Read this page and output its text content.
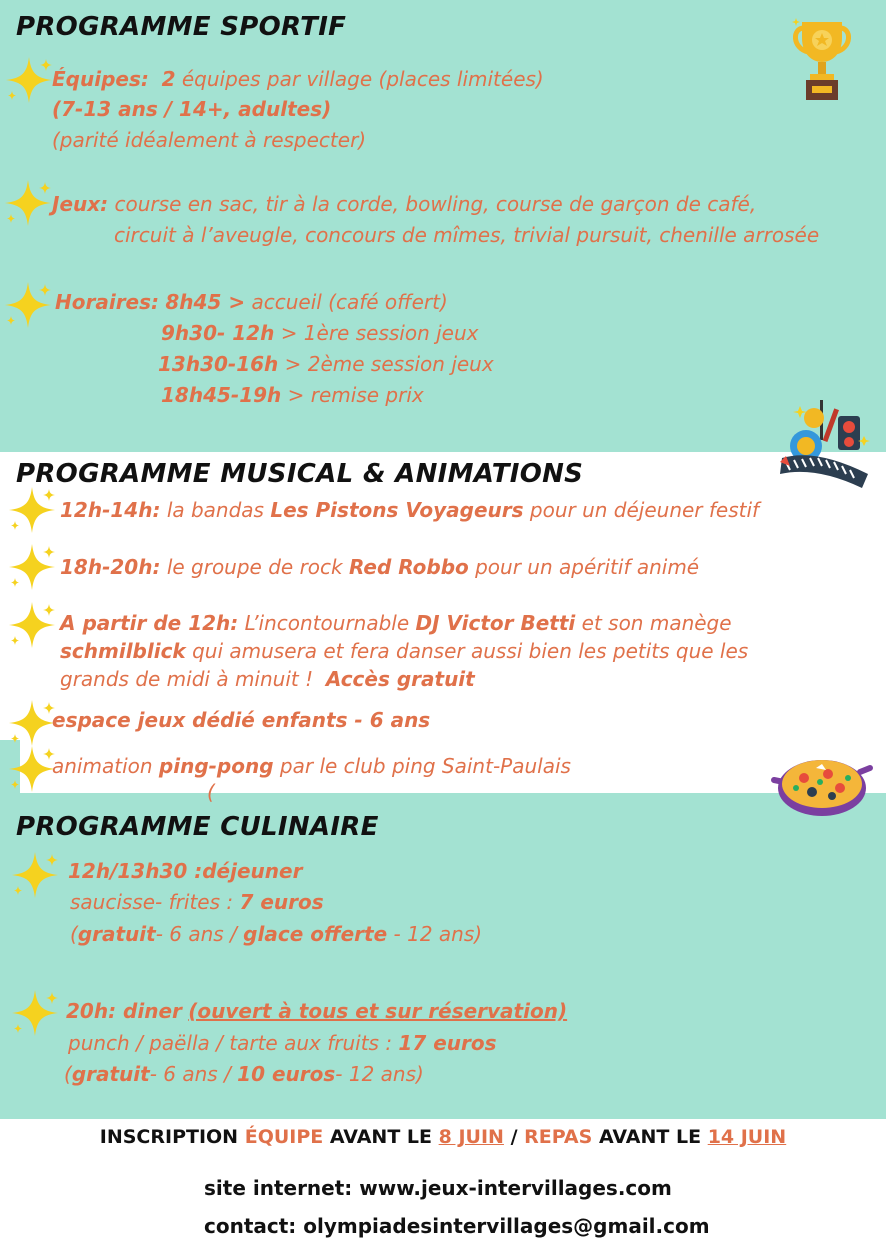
PROGRAMME SPORTIF
Équipes: 2 équipes par village (places limitées)
(7-13 ans / 14+, adultes)
(parité idéalement à respecter)
Jeux: course en sac, tir à la corde, bowling, course de garçon de café,
circuit à l’aveugle, concours de mîmes, trivial pursuit, chenille arrosée
Horaires: 8h45 > accueil (café offert)
9h30- 12h > 1ère session jeux
13h30-16h > 2ème session jeux
18h45-19h > remise prix
PROGRAMME MUSICAL & ANIMATIONS
12h-14h: la bandas Les Pistons Voyageurs pour un déjeuner festif
18h-20h: le groupe de rock Red Robbo pour un apéritif animé
A partir de 12h: L’incontournable DJ Victor Betti et son manège
schmilblick qui amusera et fera danser aussi bien les petits que les
grands de midi à minuit ! Accès gratuit
espace jeux dédié enfants - 6 ans
animation ping-pong par le club ping Saint-Paulais
(
PROGRAMME CULINAIRE
12h/13h30 :déjeuner
saucisse- frites : 7 euros
(gratuit- 6 ans / glace offerte - 12 ans)
20h: diner (ouvert à tous et sur réservation)
punch / paëlla / tarte aux fruits : 17 euros
(gratuit- 6 ans / 10 euros- 12 ans)
INSCRIPTION ÉQUIPE AVANT LE 8 JUIN / REPAS AVANT LE 14 JUIN
site internet: www.jeux-intervillages.com
contact: olympiadesintervillages@gmail.com
